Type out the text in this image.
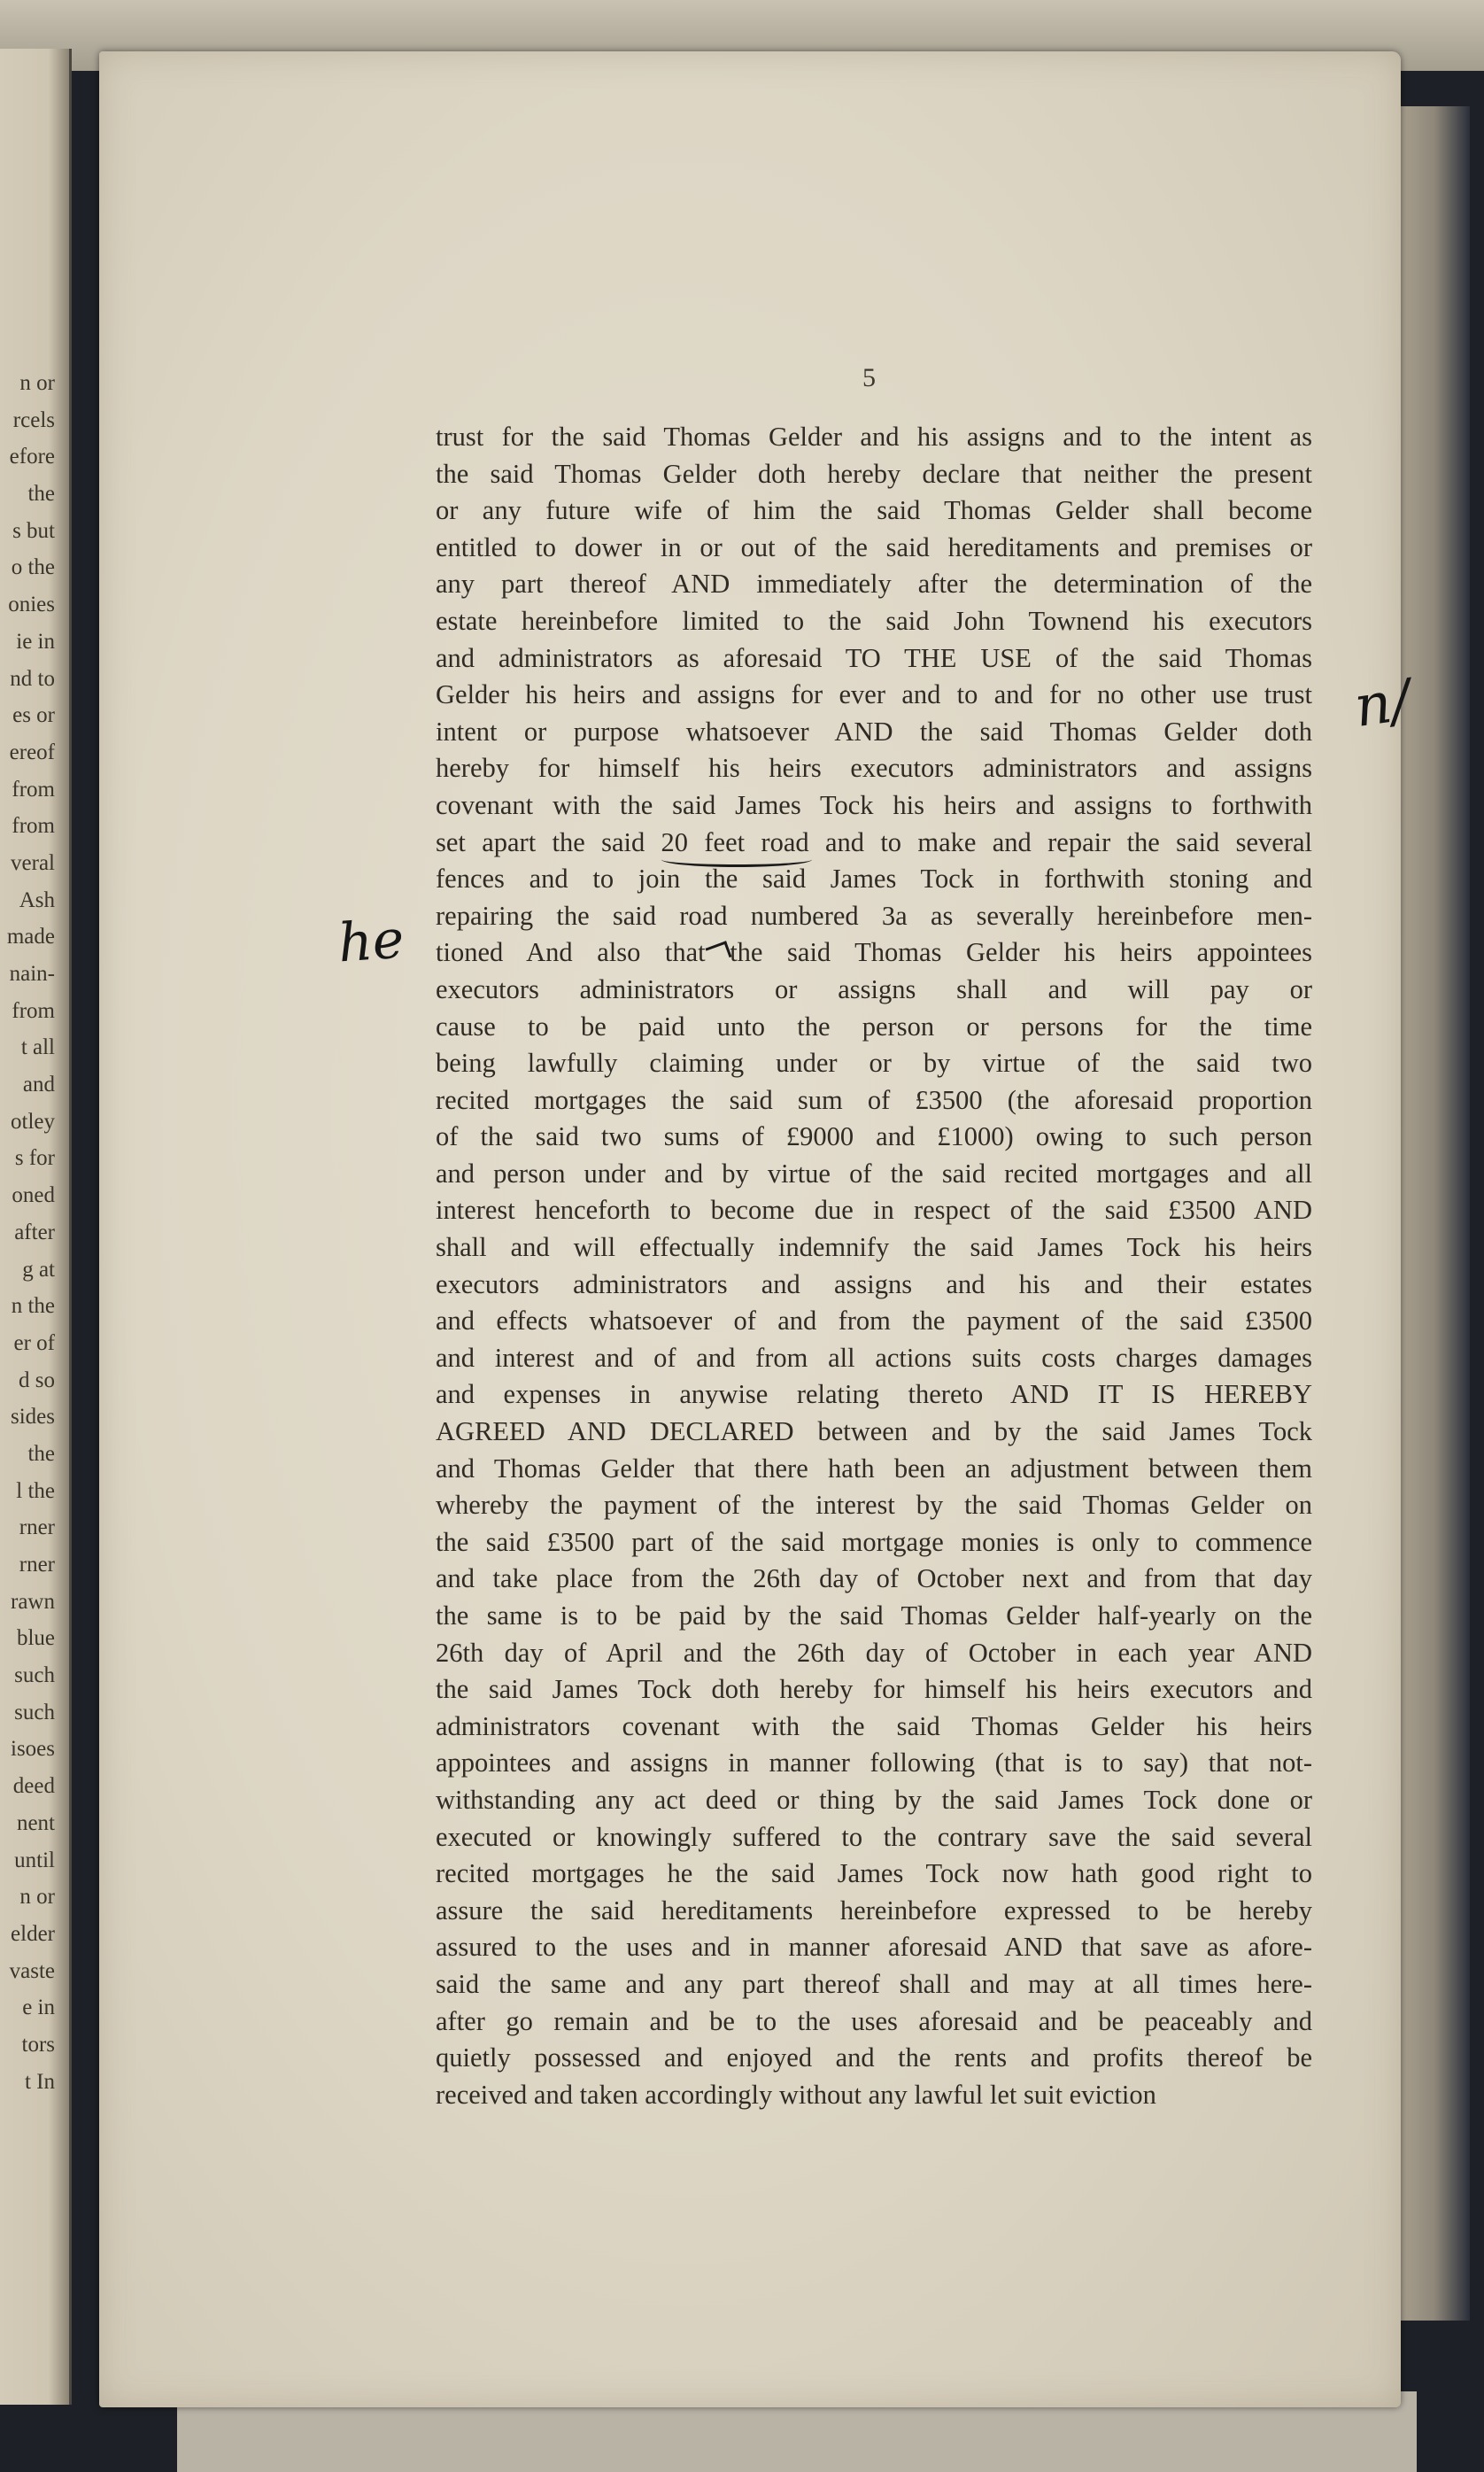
n or
rcels
efore
the
s but
o the
onies
ie in
nd to
es or
ereof
from
from
veral
Ash
made
nain-
from
t all
and
otley
s for
oned
after
g at
n the
er of
d so
sides
the
l the
rner
rner
rawn
blue
such
such
isoes
deed
nent
until
n or
elder
vaste
e in
tors
t In
5
trust for the said Thomas Gelder and his assigns and to the intent as
the said Thomas Gelder doth hereby declare that neither the present
or any future wife of him the said Thomas Gelder shall become
entitled to dower in or out of the said hereditaments and premises or
any part thereof AND immediately after the determination of the
estate hereinbefore limited to the said John Townend his executors
and administrators as aforesaid TO THE USE of the said Thomas
Gelder his heirs and assigns for ever and to and for no other use trust
intent or purpose whatsoever AND the said Thomas Gelder doth
hereby for himself his heirs executors administrators and assigns
covenant with the said James Tock his heirs and assigns to forthwith
set apart the said 20 feet road and to make and repair the said several
fences and to join the said James Tock in forthwith stoning and
repairing the said road numbered 3a as severally hereinbefore men-
tioned And also that the said Thomas Gelder his heirs appointees
executors administrators or assigns shall and will pay or
cause to be paid unto the person or persons for the time
being lawfully claiming under or by virtue of the said two
recited mortgages the said sum of £3500 (the aforesaid proportion
of the said two sums of £9000 and £1000) owing to such person
and person under and by virtue of the said recited mortgages and all
interest henceforth to become due in respect of the said £3500 AND
shall and will effectually indemnify the said James Tock his heirs
executors administrators and assigns and his and their estates
and effects whatsoever of and from the payment of the said £3500
and interest and of and from all actions suits costs charges damages
and expenses in anywise relating thereto AND IT IS HEREBY
AGREED AND DECLARED between and by the said James Tock
and Thomas Gelder that there hath been an adjustment between them
whereby the payment of the interest by the said Thomas Gelder on
the said £3500 part of the said mortgage monies is only to commence
and take place from the 26th day of October next and from that day
the same is to be paid by the said Thomas Gelder half-yearly on the
26th day of April and the 26th day of October in each year AND
the said James Tock doth hereby for himself his heirs executors and
administrators covenant with the said Thomas Gelder his heirs
appointees and assigns in manner following (that is to say) that not-
withstanding any act deed or thing by the said James Tock done or
executed or knowingly suffered to the contrary save the said several
recited mortgages he the said James Tock now hath good right to
assure the said hereditaments hereinbefore expressed to be hereby
assured to the uses and in manner aforesaid AND that save as afore-
said the same and any part thereof shall and may at all times here-
after go remain and be to the uses aforesaid and be peaceably and
quietly possessed and enjoyed and the rents and profits thereof be
received and taken accordingly without any lawful let suit eviction
n/
he
